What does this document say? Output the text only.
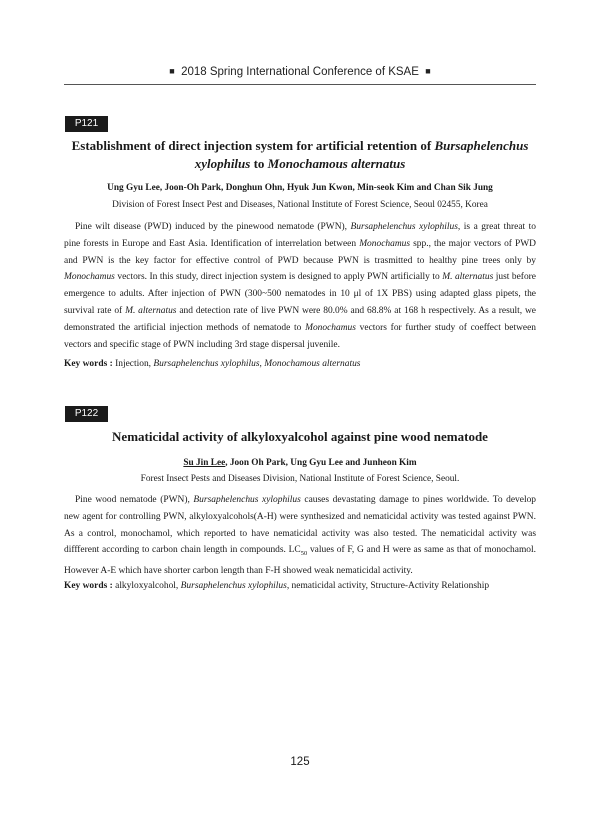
■ 2018 Spring International Conference of KSAE ■
P121
Establishment of direct injection system for artificial retention of Bursaphelenchus
xylophilus to Monochamous alternatus
Ung Gyu Lee, Joon-Oh Park, Donghun Ohn, Hyuk Jun Kwon, Min-seok Kim and Chan Sik Jung
Division of Forest Insect Pest and Diseases, National Institute of Forest Science, Seoul 02455, Korea

Pine wilt disease (PWD) induced by the pinewood nematode (PWN), Bursaphelenchus xylophilus, is a great threat to pine forests in Europe and East Asia. Identification of interrelation between Monochamus spp., the major vectors of PWD and PWN is the key factor for effective control of PWD because PWN is trasmitted to healthy pine trees only by Monochamus vectors. In this study, direct injection system is designed to apply PWN artificially to M. alternatus just before emergence to adults. After injection of PWN (300~500 nematodes in 10 μl of 1X PBS) using adapted glass pipets, the survival rate of M. alternatus and detection rate of live PWN were 80.0% and 68.8% at 168 h respectively. As a result, we demonstrated the artificial injection methods of nematode to Monochamus vectors for further study of coeffect between vectors and specific stage of PWN including 3rd stage dispersal juvenile.

Key words : Injection, Bursaphelenchus xylophilus, Monochamous alternatus
P122
Nematicidal activity of alkyloxyalcohol against pine wood nematode
Su Jin Lee, Joon Oh Park, Ung Gyu Lee and Junheon Kim
Forest Insect Pests and Diseases Division, National Institute of Forest Science, Seoul.

Pine wood nematode (PWN), Bursaphelenchus xylophilus causes devastating damage to pines worldwide. To develop new agent for controlling PWN, alkyloxyalcohols(A-H) were synthesized and nematicidal activity was tested against PWN. As a control, monochamol, which reported to have nematicidal activity was also tested. The nematicidal activity was diffferent according to carbon chain length in compounds. $LC_{50}$ values of F, G and H were as same as that of monochamol. However A-E which have shorter carbon length than F-H showed weak nematicidal activity.

Key words : alkyloxyalcohol, Bursaphelenchus xylophilus, nematicidal activity, Structure-Activity Relationship
125
